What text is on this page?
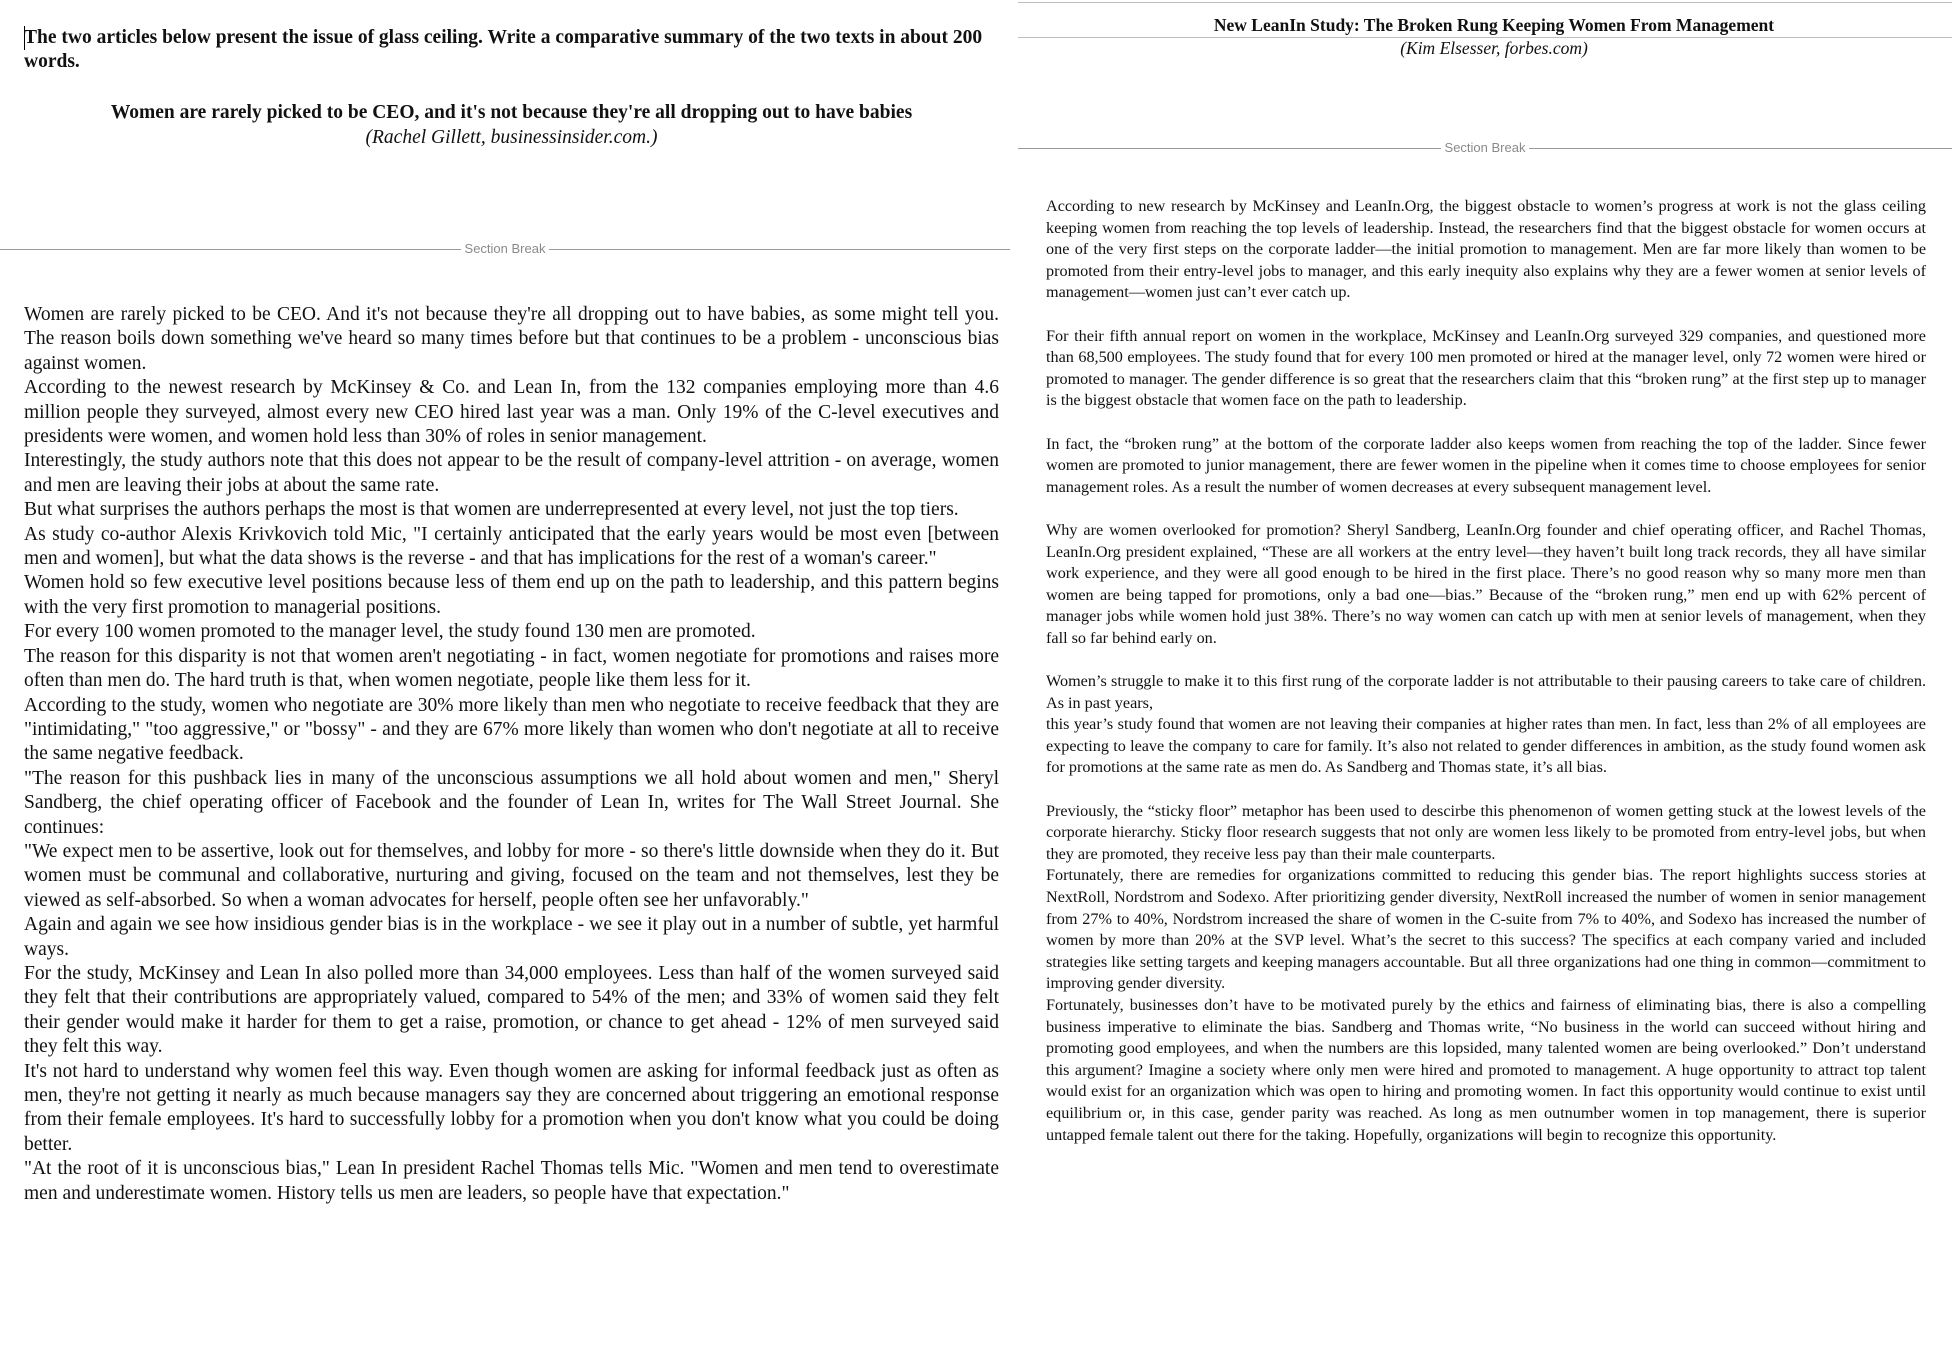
The two articles below present the issue of glass ceiling. Write a comparative summary of the two texts in about 200 words.

Women are rarely picked to be CEO, and it's not because they're all dropping out to have babies

(Rachel Gillett, businessinsider.com.)

Section Break

Women are rarely picked to be CEO. And it's not because they're all dropping out to have babies, as some might tell you. The reason boils down something we've heard so many times before but that continues to be a problem - unconscious bias against women.

According to the newest research by McKinsey & Co. and Lean In, from the 132 companies employing more than 4.6 million people they surveyed, almost every new CEO hired last year was a man. Only 19% of the C-level executives and presidents were women, and women hold less than 30% of roles in senior management.

Interestingly, the study authors note that this does not appear to be the result of company-level attrition - on average, women and men are leaving their jobs at about the same rate.

But what surprises the authors perhaps the most is that women are underrepresented at every level, not just the top tiers.

As study co-author Alexis Krivkovich told Mic, "I certainly anticipated that the early years would be most even [between men and women], but what the data shows is the reverse - and that has implications for the rest of a woman's career."

Women hold so few executive level positions because less of them end up on the path to leadership, and this pattern begins with the very first promotion to managerial positions.

For every 100 women promoted to the manager level, the study found 130 men are promoted.

The reason for this disparity is not that women aren't negotiating - in fact, women negotiate for promotions and raises more often than men do. The hard truth is that, when women negotiate, people like them less for it.

According to the study, women who negotiate are 30% more likely than men who negotiate to receive feedback that they are "intimidating," "too aggressive," or "bossy" - and they are 67% more likely than women who don't negotiate at all to receive the same negative feedback.

"The reason for this pushback lies in many of the unconscious assumptions we all hold about women and men," Sheryl Sandberg, the chief operating officer of Facebook and the founder of Lean In, writes for The Wall Street Journal. She continues:

"We expect men to be assertive, look out for themselves, and lobby for more - so there's little downside when they do it. But women must be communal and collaborative, nurturing and giving, focused on the team and not themselves, lest they be viewed as self-absorbed. So when a woman advocates for herself, people often see her unfavorably."

Again and again we see how insidious gender bias is in the workplace - we see it play out in a number of subtle, yet harmful ways.

For the study, McKinsey and Lean In also polled more than 34,000 employees. Less than half of the women surveyed said they felt that their contributions are appropriately valued, compared to 54% of the men; and 33% of women said they felt their gender would make it harder for them to get a raise, promotion, or chance to get ahead - 12% of men surveyed said they felt this way.

It's not hard to understand why women feel this way. Even though women are asking for informal feedback just as often as men, they're not getting it nearly as much because managers say they are concerned about triggering an emotional response from their female employees. It's hard to successfully lobby for a promotion when you don't know what you could be doing better.

"At the root of it is unconscious bias," Lean In president Rachel Thomas tells Mic. "Women and men tend to overestimate men and underestimate women. History tells us men are leaders, so people have that expectation."

New LeanIn Study: The Broken Rung Keeping Women From Management

(Kim Elsesser, forbes.com)

Section Break

According to new research by McKinsey and LeanIn.Org, the biggest obstacle to women’s progress at work is not the glass ceiling keeping women from reaching the top levels of leadership. Instead, the researchers find that the biggest obstacle for women occurs at one of the very first steps on the corporate ladder—the initial promotion to management. Men are far more likely than women to be promoted from their entry-level jobs to manager, and this early inequity also explains why they are a fewer women at senior levels of management—women just can’t ever catch up.

For their fifth annual report on women in the workplace, McKinsey and LeanIn.Org surveyed 329 companies, and questioned more than 68,500 employees. The study found that for every 100 men promoted or hired at the manager level, only 72 women were hired or promoted to manager. The gender difference is so great that the researchers claim that this “broken rung” at the first step up to manager is the biggest obstacle that women face on the path to leadership.

In fact, the “broken rung” at the bottom of the corporate ladder also keeps women from reaching the top of the ladder. Since fewer women are promoted to junior management, there are fewer women in the pipeline when it comes time to choose employees for senior management roles. As a result the number of women decreases at every subsequent management level.

Why are women overlooked for promotion? Sheryl Sandberg, LeanIn.Org founder and chief operating officer, and Rachel Thomas, LeanIn.Org president explained, “These are all workers at the entry level—they haven’t built long track records, they all have similar work experience, and they were all good enough to be hired in the first place. There’s no good reason why so many more men than women are being tapped for promotions, only a bad one—bias.” Because of the “broken rung,” men end up with 62% percent of manager jobs while women hold just 38%. There’s no way women can catch up with men at senior levels of management, when they fall so far behind early on.

Women’s struggle to make it to this first rung of the corporate ladder is not attributable to their pausing careers to take care of children. As in past years,

this year’s study found that women are not leaving their companies at higher rates than men. In fact, less than 2% of all employees are expecting to leave the company to care for family. It’s also not related to gender differences in ambition, as the study found women ask for promotions at the same rate as men do. As Sandberg and Thomas state, it’s all bias.

Previously, the “sticky floor” metaphor has been used to descirbe this phenomenon of women getting stuck at the lowest levels of the corporate hierarchy. Sticky floor research suggests that not only are women less likely to be promoted from entry-level jobs, but when they are promoted, they receive less pay than their male counterparts.

Fortunately, there are remedies for organizations committed to reducing this gender bias. The report highlights success stories at NextRoll, Nordstrom and Sodexo. After prioritizing gender diversity, NextRoll increased the number of women in senior management from 27% to 40%, Nordstrom increased the share of women in the C-suite from 7% to 40%, and Sodexo has increased the number of women by more than 20% at the SVP level. What’s the secret to this success? The specifics at each company varied and included strategies like setting targets and keeping managers accountable. But all three organizations had one thing in common—commitment to improving gender diversity.

Fortunately, businesses don’t have to be motivated purely by the ethics and fairness of eliminating bias, there is also a compelling business imperative to eliminate the bias. Sandberg and Thomas write, “No business in the world can succeed without hiring and promoting good employees, and when the numbers are this lopsided, many talented women are being overlooked.” Don’t understand this argument? Imagine a society where only men were hired and promoted to management. A huge opportunity to attract top talent would exist for an organization which was open to hiring and promoting women. In fact this opportunity would continue to exist until equilibrium or, in this case, gender parity was reached. As long as men outnumber women in top management, there is superior untapped female talent out there for the taking. Hopefully, organizations will begin to recognize this opportunity.
